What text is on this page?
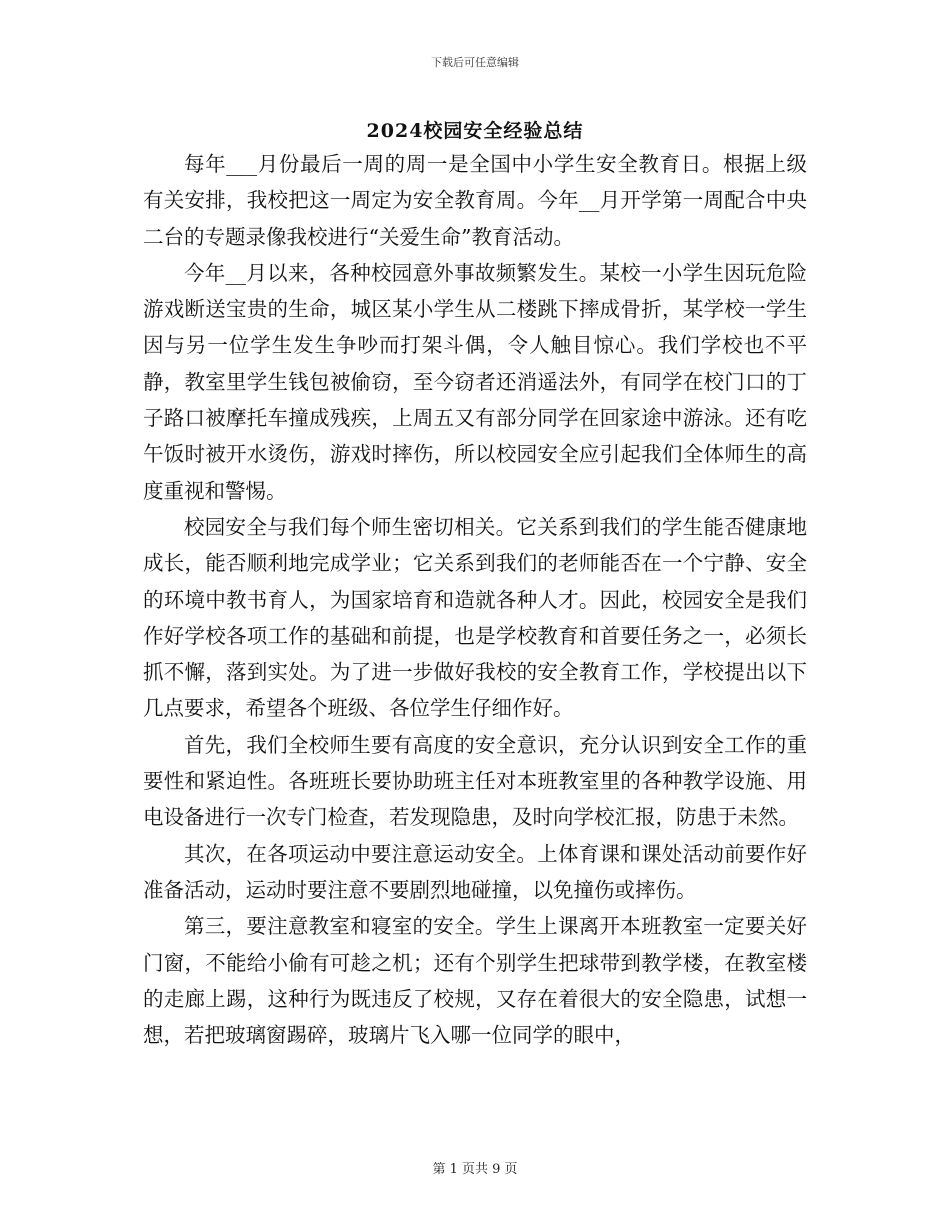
下载后可任意编辑
2024校园安全经验总结

每年___月份最后一周的周一是全国中小学生安全教育日。根据上级有关安排，我校把这一周定为安全教育周。今年__月开学第一周配合中央二台的专题录像我校进行“关爱生命”教育活动。

今年__月以来，各种校园意外事故频繁发生。某校一小学生因玩危险游戏断送宝贵的生命，城区某小学生从二楼跳下摔成骨折，某学校一学生因与另一位学生发生争吵而打架斗偶，令人触目惊心。我们学校也不平静，教室里学生钱包被偷窃，至今窃者还消遥法外，有同学在校门口的丁子路口被摩托车撞成残疾，上周五又有部分同学在回家途中游泳。还有吃午饭时被开水烫伤，游戏时摔伤，所以校园安全应引起我们全体师生的高度重视和警惕。

校园安全与我们每个师生密切相关。它关系到我们的学生能否健康地成长，能否顺利地完成学业；它关系到我们的老师能否在一个宁静、安全的环境中教书育人，为国家培育和造就各种人才。因此，校园安全是我们作好学校各项工作的基础和前提，也是学校教育和首要任务之一，必须长抓不懈，落到实处。为了进一步做好我校的安全教育工作，学校提出以下几点要求，希望各个班级、各位学生仔细作好。

首先，我们全校师生要有高度的安全意识，充分认识到安全工作的重要性和紧迫性。各班班长要协助班主任对本班教室里的各种教学设施、用电设备进行一次专门检查，若发现隐患，及时向学校汇报，防患于未然。

其次，在各项运动中要注意运动安全。上体育课和课处活动前要作好准备活动，运动时要注意不要剧烈地碰撞，以免撞伤或摔伤。

第三，要注意教室和寝室的安全。学生上课离开本班教室一定要关好门窗，不能给小偷有可趁之机；还有个别学生把球带到教学楼，在教室楼的走廊上踢，这种行为既违反了校规，又存在着很大的安全隐患，试想一想，若把玻璃窗踢碎，玻璃片飞入哪一位同学的眼中，

第 1 页共 9 页
